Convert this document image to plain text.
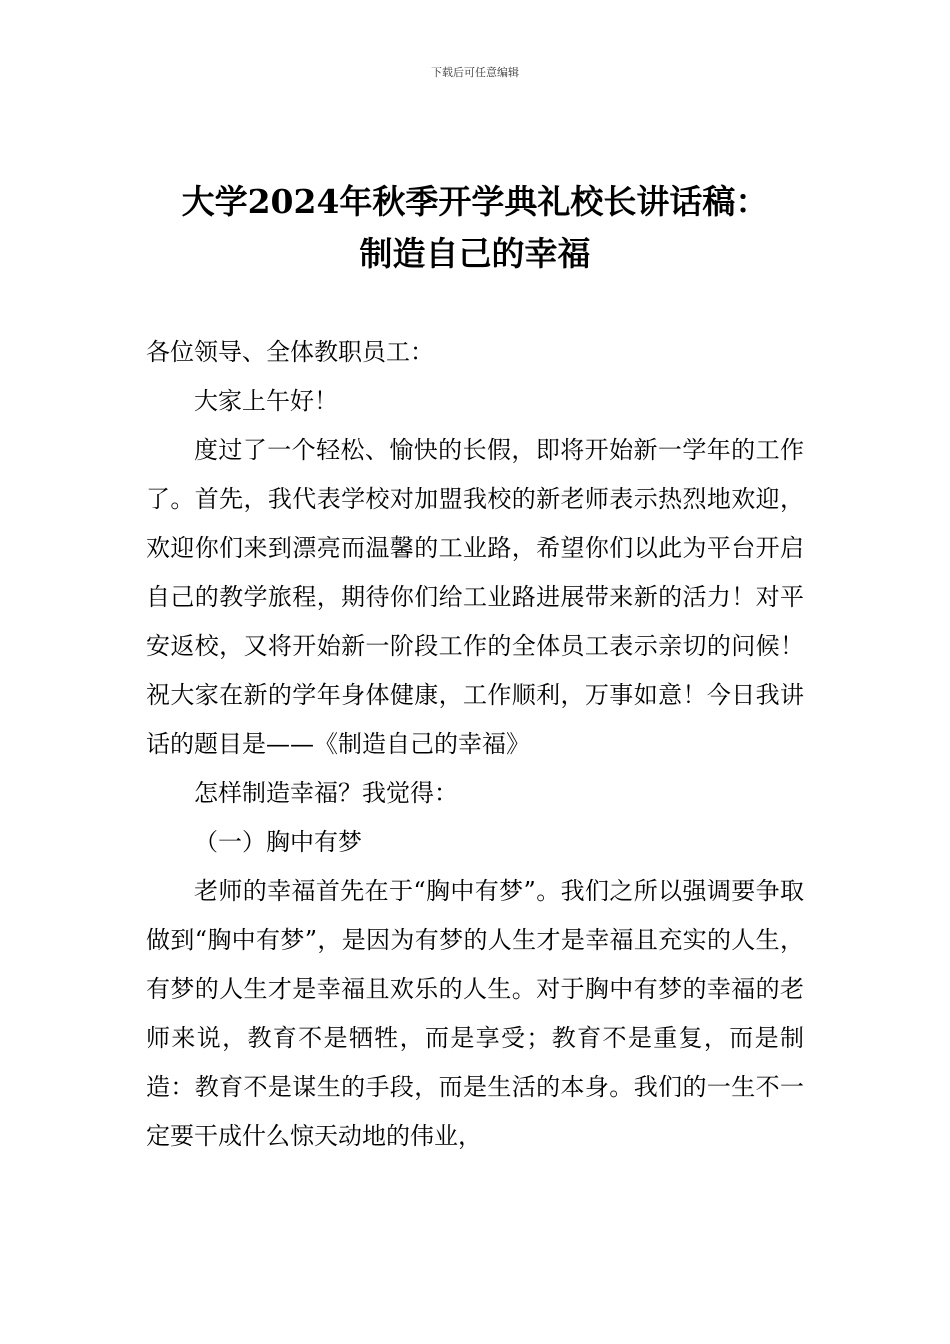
下载后可任意编辑
大学2024年秋季开学典礼校长讲话稿：
制造自己的幸福

各位领导、全体教职员工：

大家上午好！

度过了一个轻松、愉快的长假，即将开始新一学年的工作了。首先，我代表学校对加盟我校的新老师表示热烈地欢迎，欢迎你们来到漂亮而温馨的工业路，希望你们以此为平台开启自己的教学旅程，期待你们给工业路进展带来新的活力！对平安返校，又将开始新一阶段工作的全体员工表示亲切的问候！祝大家在新的学年身体健康，工作顺利，万事如意！今日我讲话的题目是——《制造自己的幸福》

怎样制造幸福？我觉得：

（一）胸中有梦

老师的幸福首先在于“胸中有梦”。我们之所以强调要争取做到“胸中有梦”，是因为有梦的人生才是幸福且充实的人生，有梦的人生才是幸福且欢乐的人生。对于胸中有梦的幸福的老师来说，教育不是牺牲，而是享受；教育不是重复，而是制造：教育不是谋生的手段，而是生活的本身。我们的一生不一定要干成什么惊天动地的伟业，
